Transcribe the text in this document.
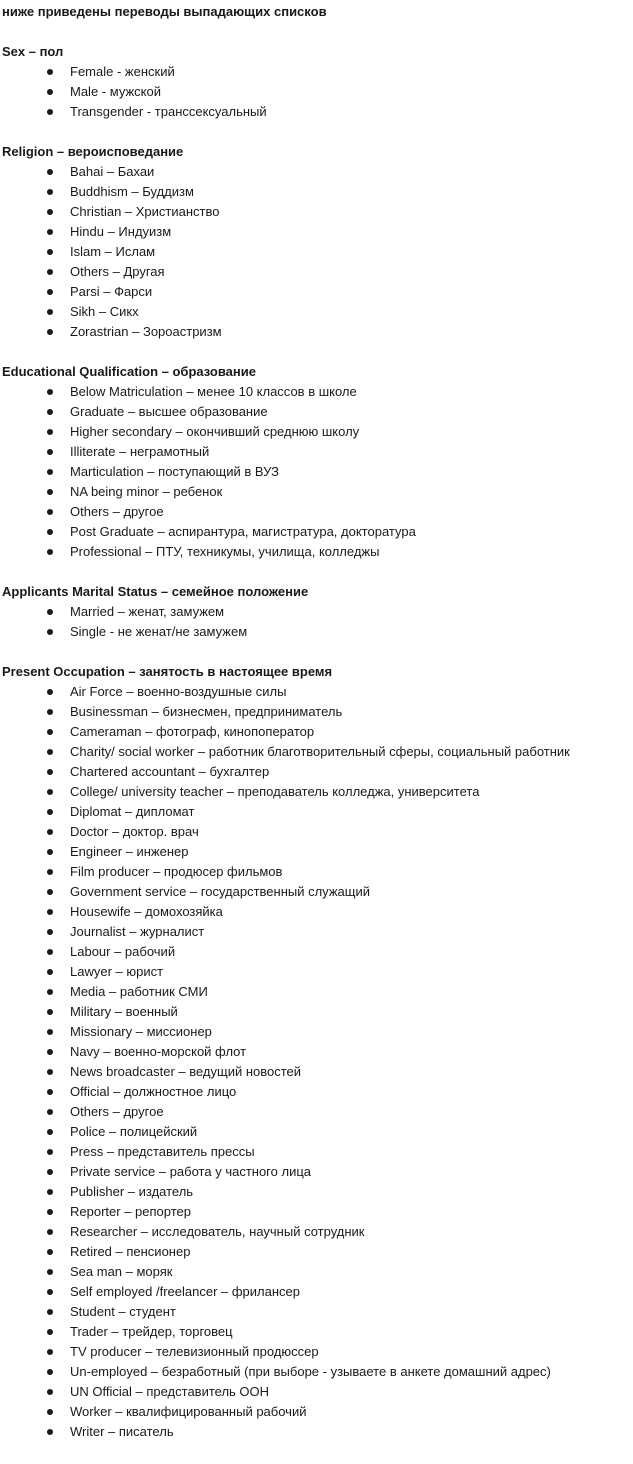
ниже приведены переводы выпадающих списков

Sex – пол

Female - женский
Male - мужской
Transgender - транссексуальный

Religion – вероисповедание

Bahai – Бахаи
Buddhism – Буддизм
Christian – Христианство
Hindu – Индуизм
Islam – Ислам
Others – Другая
Parsi – Фарси
Sikh – Сикх
Zorastrian – Зороастризм

Educational Qualification – образование

Below Matriculation – менее 10 классов в школе
Graduate – высшее образование
Higher secondary – окончивший среднюю школу
Illiterate – неграмотный
Marticulation – поступающий в ВУЗ
NA being minor – ребенок
Others – другое
Post Graduate – аспирантура, магистратура, докторатура
Professional – ПТУ, техникумы, училища, колледжы

Applicants Marital Status – семейное положение

Married – женат, замужем
Single - не женат/не замужем

Present Occupation – занятость в настоящее время

Air Force – военно-воздушные силы
Businessman – бизнесмен, предприниматель
Cameraman – фотограф, кинопоператор
Charity/ social worker – работник благотворительный сферы, социальный работник
Chartered accountant – бухгалтер
College/ university teacher – преподаватель колледжа, университета
Diplomat – дипломат
Doctor – доктор. врач
Engineer – инженер
Film producer – продюсер фильмов
Government service – государственный служащий
Housewife – домохозяйка
Journalist – журналист
Labour – рабочий
Lawyer – юрист
Media – работник СМИ
Military – военный
Missionary – миссионер
Navy – военно-морской флот
News broadcaster – ведущий новостей
Official – должностное лицо
Others – другое
Police – полицейский
Press – представитель прессы
Private service – работа у частного лица
Publisher – издатель
Reporter – репортер
Researcher – исследователь, научный сотрудник
Retired – пенсионер
Sea man – моряк
Self employed /freelancer – фрилансер
Student – студент
Trader – трейдер, торговец
TV producer – телевизионный продюссер
Un-employed – безработный (при выборе - узываете в анкете домашний адрес)
UN Official – представитель ООН
Worker – квалифицированный рабочий
Writer – писатель
